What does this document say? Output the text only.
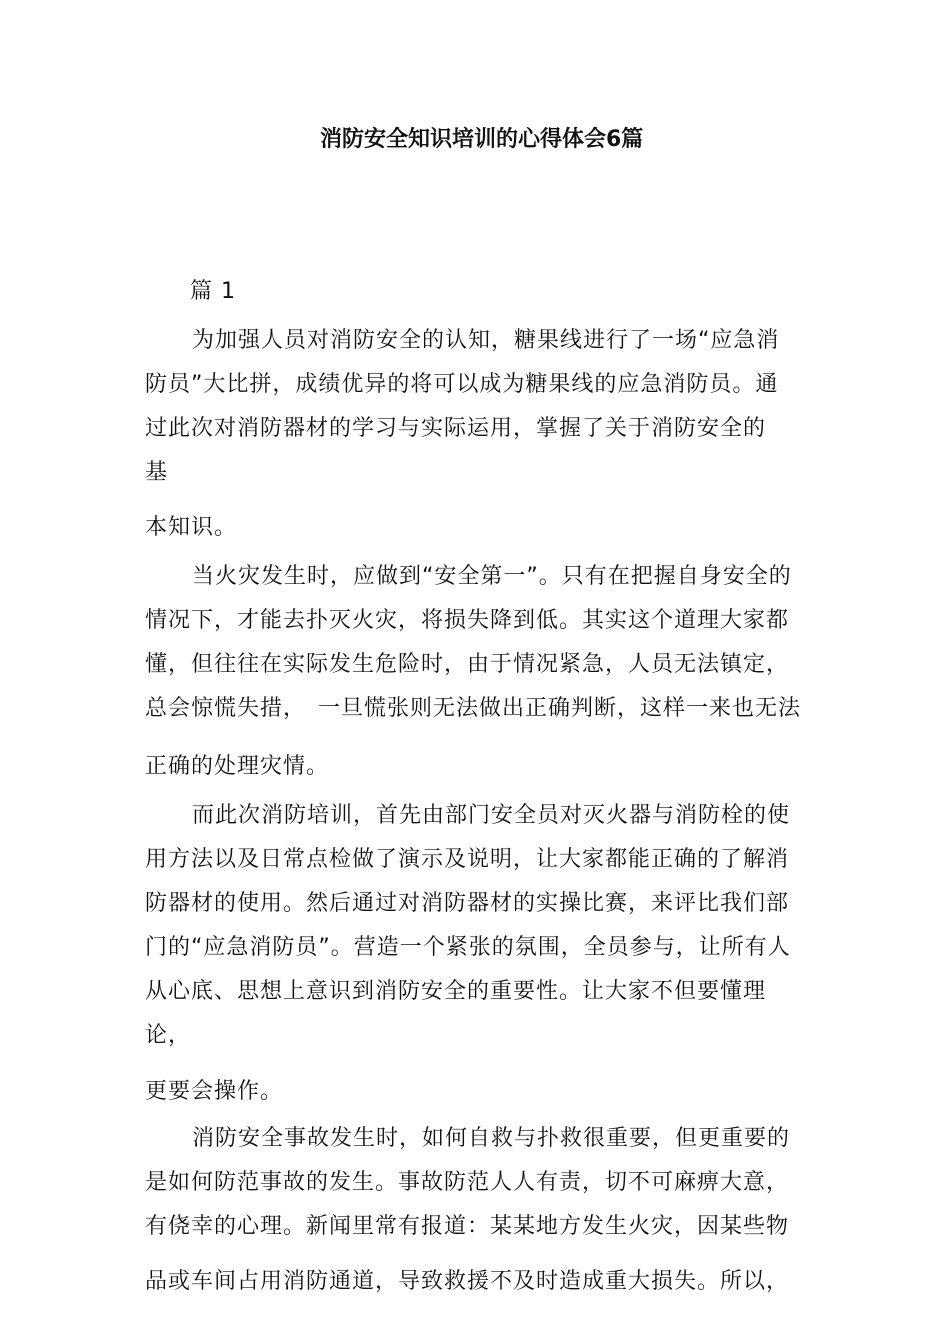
消防安全知识培训的心得体会6篇
篇 1
为加强人员对消防安全的认知，糖果线进行了一场“应急消
防员”大比拼，成绩优异的将可以成为糖果线的应急消防员。通
过此次对消防器材的学习与实际运用，掌握了关于消防安全的
基
本知识。
当火灾发生时，应做到“安全第一”。只有在把握自身安全的
情况下，才能去扑灭火灾，将损失降到低。其实这个道理大家都
懂，但往往在实际发生危险时，由于情况紧急，人员无法镇定，
总会惊慌失措，　一旦慌张则无法做出正确判断，这样一来也无法
正确的处理灾情。
而此次消防培训，首先由部门安全员对灭火器与消防栓的使
用方法以及日常点检做了演示及说明，让大家都能正确的了解消
防器材的使用。然后通过对消防器材的实操比赛，来评比我们部
门的“应急消防员”。营造一个紧张的氛围，全员参与，让所有人
从心底、思想上意识到消防安全的重要性。让大家不但要懂理
论，
更要会操作。
消防安全事故发生时，如何自救与扑救很重要，但更重要的
是如何防范事故的发生。事故防范人人有责，切不可麻痹大意，
有侥幸的心理。新闻里常有报道：某某地方发生火灾，因某些物
品或车间占用消防通道，导致救援不及时造成重大损失。所以，
